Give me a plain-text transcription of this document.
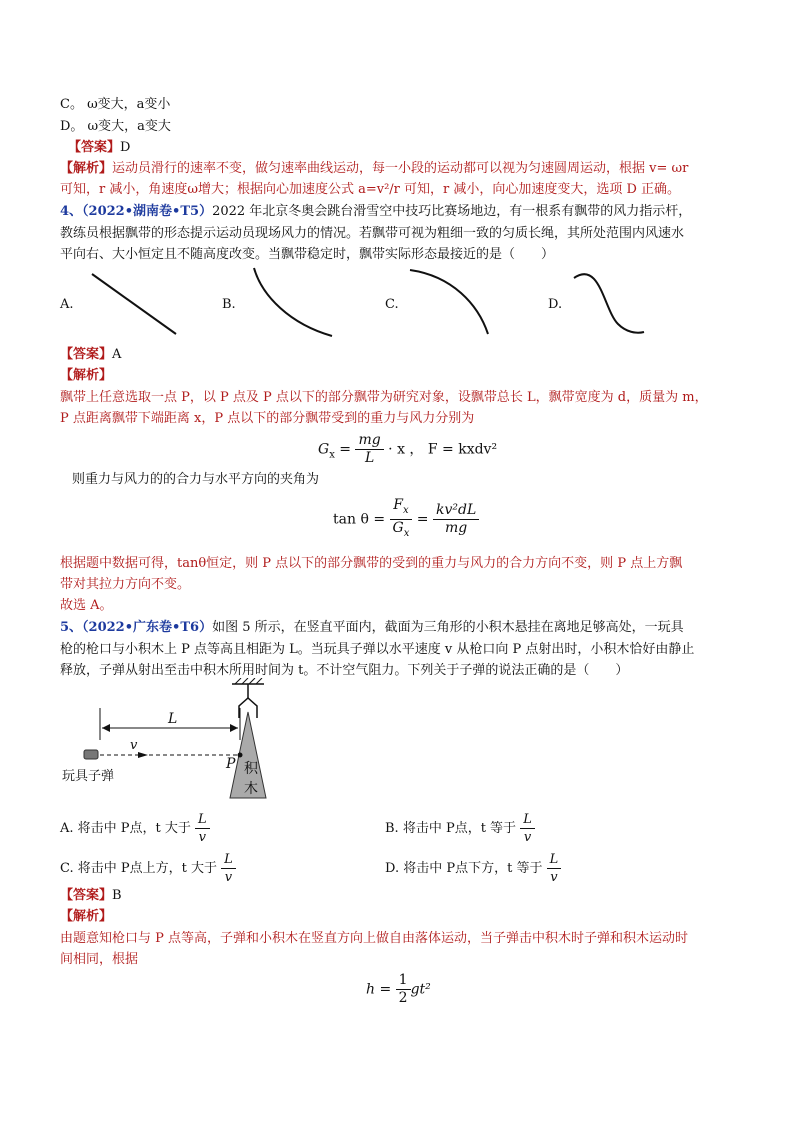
C。 ω变大，a变小
D。 ω变大，a变大
【答案】D
【解析】运动员滑行的速率不变，做匀速率曲线运动，每一小段的运动都可以视为匀速圆周运动，根据 v= ωr
可知，r 减小，角速度ω增大；根据向心加速度公式 a=v²/r 可知，r 减小，向心加速度变大，选项 D 正确。
4、（2022•湖南卷•T5）2022 年北京冬奥会跳台滑雪空中技巧比赛场地边，有一根系有飘带的风力指示杆，
教练员根据飘带的形态提示运动员现场风力的情况。若飘带可视为粗细一致的匀质长绳，其所处范围内风速水
平向右、大小恒定且不随高度改变。当飘带稳定时，飘带实际形态最接近的是（　　）
A.	B.	C.	D.
【答案】A
【解析】
飘带上任意选取一点 P，以 P 点及 P 点以下的部分飘带为研究对象，设飘带总长 L，飘带宽度为 d，质量为 m，
P 点距离飘带下端距离 x，P 点以下的部分飘带受到的重力与风力分别为
$G_x = \frac{mg}{L} \cdot x$ ， F = kxdv²
则重力与风力的的合力与水平方向的夹角为
$\tan \theta = \frac{F_x}{G_x} = \frac{\text{kv²dL}}{mg}$
根据题中数据可得，tanθ恒定，则 P 点以下的部分飘带的受到的重力与风力的合力方向不变，则 P 点上方飘
带对其拉力方向不变。
故选 A。
5、（2022•广东卷•T6）如图 5 所示，在竖直平面内，截面为三角形的小积木悬挂在离地足够高处，一玩具
枪的枪口与小积木上 P 点等高且相距为 L。当玩具子弹以水平速度 v 从枪口向 P 点射出时，小积木恰好由静止
释放，子弹从射出至击中积木所用时间为 t。不计空气阻力。下列关于子弹的说法正确的是（　　）
L
v
P 积
木
玩具子弹
A. 将击中 P点，t 大于 $\frac{L}{v}$	B. 将击中 P点，t 等于 $\frac{L}{v}$
C. 将击中 P点上方，t 大于 $\frac{L}{v}$	D. 将击中 P点下方，t 等于 $\frac{L}{v}$
【答案】B
【解析】
由题意知枪口与 P 点等高，子弹和小积木在竖直方向上做自由落体运动，当子弹击中积木时子弹和积木运动时
间相同，根据
$h = \frac{1}{2} gt^2$
